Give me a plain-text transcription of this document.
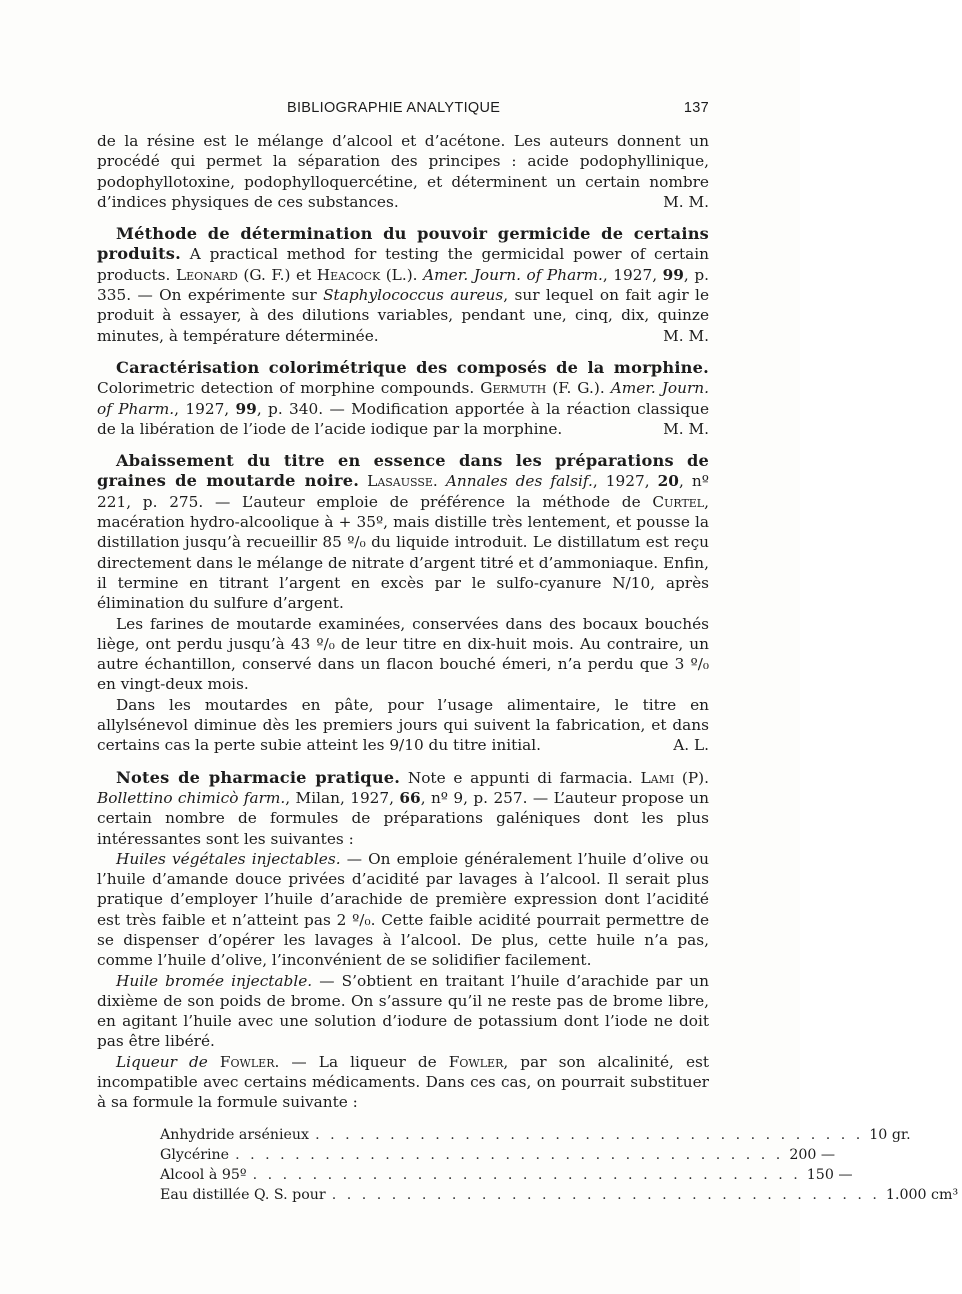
BIBLIOGRAPHIE ANALYTIQUE	137

de la résine est le mélange d’alcool et d’acétone. Les auteurs donnent un procédé qui permet la séparation des principes : acide podophyllinique, podophyllotoxine, podophylloquercétine, et déterminent un certain nombre d’indices physiques de ces substances.	M. M.

Méthode de détermination du pouvoir germicide de certains produits. A practical method for testing the germicidal power of certain products. Leonard (G. F.) et Heacock (L.). Amer. Journ. of Pharm., 1927, 99, p. 335. — On expérimente sur Staphylococcus aureus, sur lequel on fait agir le produit à essayer, à des dilutions variables, pendant une, cinq, dix, quinze minutes, à température déterminée.	M. M.

Caractérisation colorimétrique des composés de la morphine. Colorimetric detection of morphine compounds. Germuth (F. G.). Amer. Journ. of Pharm., 1927, 99, p. 340. — Modification apportée à la réaction classique de la libération de l’iode de l’acide iodique par la morphine.	M. M.

Abaissement du titre en essence dans les préparations de graines de moutarde noire. Lasausse. Annales des falsif., 1927, 20, nº 221, p. 275. — L’auteur emploie de préférence la méthode de Curtel, macération hydro-alcoolique à + 35º, mais distille très lentement, et pousse la distillation jusqu’à recueillir 85 º/₀ du liquide introduit. Le distillatum est reçu directement dans le mélange de nitrate d’argent titré et d’ammoniaque. Enfin, il termine en titrant l’argent en excès par le sulfo-cyanure N/10, après élimination du sulfure d’argent.

Les farines de moutarde examinées, conservées dans des bocaux bouchés liège, ont perdu jusqu’à 43 º/₀ de leur titre en dix-huit mois. Au contraire, un autre échantillon, conservé dans un flacon bouché émeri, n’a perdu que 3 º/₀ en vingt-deux mois.

Dans les moutardes en pâte, pour l’usage alimentaire, le titre en allylsénevol diminue dès les premiers jours qui suivent la fabrication, et dans certains cas la perte subie atteint les 9/10 du titre initial.	A. L.

Notes de pharmacie pratique. Note e appunti di farmacia. Lami (P). Bollettino chimicò farm., Milan, 1927, 66, nº 9, p. 257. — L’auteur propose un certain nombre de formules de préparations galéniques dont les plus intéressantes sont les suivantes :

Huiles végétales injectables. — On emploie généralement l’huile d’olive ou l’huile d’amande douce privées d’acidité par lavages à l’alcool. Il serait plus pratique d’employer l’huile d’arachide de première expression dont l’acidité est très faible et n’atteint pas 2 º/₀. Cette faible acidité pourrait permettre de se dispenser d’opérer les lavages à l’alcool. De plus, cette huile n’a pas, comme l’huile d’olive, l’inconvénient de se solidifier facilement.

Huile bromée injectable. — S’obtient en traitant l’huile d’arachide par un dixième de son poids de brome. On s’assure qu’il ne reste pas de brome libre, en agitant l’huile avec une solution d’iodure de potassium dont l’iode ne doit pas être libéré.

Liqueur de Fowler. — La liqueur de Fowler, par son alcalinité, est incompatible avec certains médicaments. Dans ces cas, on pourrait substituer à sa formule la formule suivante :

Anhydride arsénieux . . . . . . . . . . . . . . . . . . . . . . . . . . . . . . . . . . . . . 10 gr.
Glycérine . . . . . . . . . . . . . . . . . . . . . . . . . . . . . . . . . . . . . 200 —
Alcool à 95º . . . . . . . . . . . . . . . . . . . . . . . . . . . . . . . . . . . . . 150 —
Eau distillée Q. S. pour . . . . . . . . . . . . . . . . . . . . . . . . . . . . . . . . . . . . . 1.000 cm³
